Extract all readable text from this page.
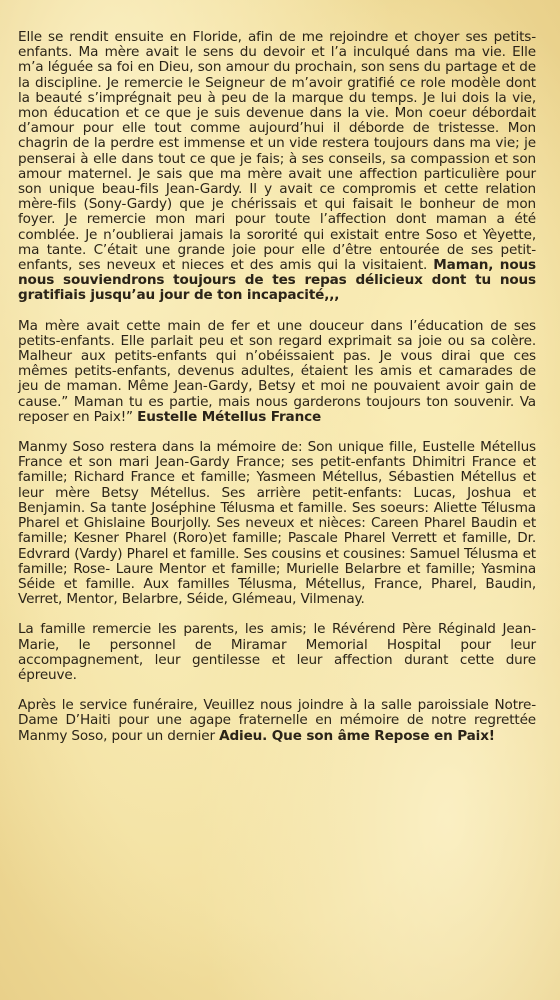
Elle se rendit ensuite en Floride, afin de me rejoindre et choyer ses petits-enfants. Ma mère avait le sens du devoir et l’a inculqué dans ma vie. Elle m’a léguée sa foi en Dieu, son amour du prochain, son sens du partage et de la discipline. Je remercie le Seigneur de m’avoir gratifié ce role modèle dont la beauté s’imprégnait peu à peu de la marque du temps. Je lui dois la vie, mon éducation et ce que je suis devenue dans la vie. Mon coeur débordait d’amour pour elle tout comme aujourd’hui il déborde de tristesse. Mon chagrin de la perdre est immense et un vide restera toujours dans ma vie; je penserai à elle dans tout ce que je fais; à ses conseils, sa compassion et son amour maternel. Je sais que ma mère avait une affection particulière pour son unique beau-fils Jean-Gardy. Il y avait ce compromis et cette relation mère-fils (Sony-Gardy) que je chérissais et qui faisait le bonheur de mon foyer. Je remercie mon mari pour toute l’affection dont maman a été comblée. Je n’oublierai jamais la sororité qui existait entre Soso et Yèyette, ma tante. C’était une grande joie pour elle d’être entourée de ses petit-enfants, ses neveux et nieces et des amis qui la visitaient. Maman, nous nous souviendrons toujours de tes repas délicieux dont tu nous gratifiais jusqu’au jour de ton incapacité,,,

Ma mère avait cette main de fer et une douceur dans l’éducation de ses petits-enfants. Elle parlait peu et son regard exprimait sa joie ou sa colère. Malheur aux petits-enfants qui n’obéissaient pas. Je vous dirai que ces mêmes petits-enfants, devenus adultes, étaient les amis et camarades de jeu de maman. Même Jean-Gardy, Betsy et moi ne pouvaient avoir gain de cause.” Maman tu es partie, mais nous garderons toujours ton souvenir. Va reposer en Paix!” Eustelle Métellus France

Manmy Soso restera dans la mémoire de: Son unique fille, Eustelle Métellus France et son mari Jean-Gardy France; ses petit-enfants Dhimitri France et famille; Richard France et famille; Yasmeen Métellus, Sébastien Métellus et leur mère Betsy Métellus. Ses arrière petit-enfants: Lucas, Joshua et Benjamin. Sa tante Joséphine Télusma et famille. Ses soeurs: Aliette Télusma Pharel et Ghislaine Bourjolly. Ses neveux et nièces: Careen Pharel Baudin et famille; Kesner Pharel (Roro)et famille; Pascale Pharel Verrett et famille, Dr. Edvrard (Vardy) Pharel et famille. Ses cousins et cousines: Samuel Télusma et famille; Rose- Laure Mentor et famille; Murielle Belarbre et famille; Yasmina Séide et famille. Aux familles Télusma, Métellus, France, Pharel, Baudin, Verret, Mentor, Belarbre, Séide, Glémeau, Vilmenay.

La famille remercie les parents, les amis; le Révérend Père Réginald Jean-Marie, le personnel de Miramar Memorial Hospital pour leur accompagnement, leur gentilesse et leur affection durant cette dure épreuve.

Après le service funéraire, Veuillez nous joindre à la salle paroissiale Notre-Dame D’Haiti pour une agape fraternelle en mémoire de notre regrettée Manmy Soso, pour un dernier Adieu. Que son âme Repose en Paix!
